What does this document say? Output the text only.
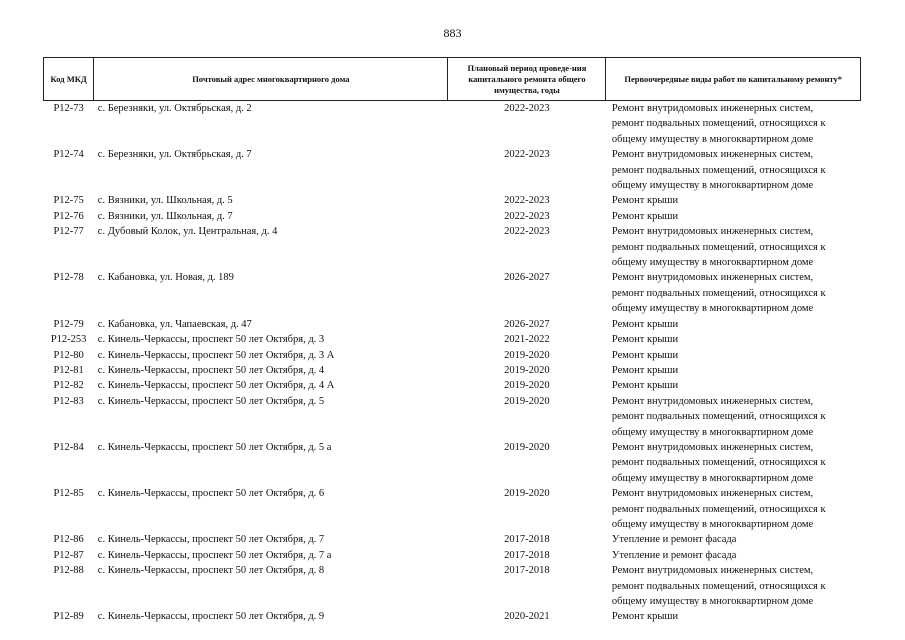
883
Код МКД	Почтовый адрес многоквартирного дома	Плановый период проведе-ния капитального ремонта общего имущества, годы	Первоочередные виды работ по капитальному ремонту*
Р12-73	с. Березняки, ул. Октябрьская, д. 2	2022-2023	Ремонт внутридомовых инженерных систем,
ремонт подвальных помещений, относящихся к
общему имуществу в многоквартирном доме

Р12-74	с. Березняки, ул. Октябрьская, д. 7	2022-2023	Ремонт внутридомовых инженерных систем,
ремонт подвальных помещений, относящихся к
общему имуществу в многоквартирном доме

Р12-75	с. Вязники, ул. Школьная, д. 5	2022-2023	Ремонт крыши

Р12-76	с. Вязники, ул. Школьная, д. 7	2022-2023	Ремонт крыши

Р12-77	с. Дубовый Колок, ул. Центральная, д. 4	2022-2023	Ремонт внутридомовых инженерных систем,
ремонт подвальных помещений, относящихся к
общему имуществу в многоквартирном доме

Р12-78	с. Кабановка, ул. Новая, д. 189	2026-2027	Ремонт внутридомовых инженерных систем,
ремонт подвальных помещений, относящихся к
общему имуществу в многоквартирном доме

Р12-79	с. Кабановка, ул. Чапаевская, д. 47	2026-2027	Ремонт крыши

Р12-253	с. Кинель-Черкассы, проспект 50 лет Октября, д. 3	2021-2022	Ремонт крыши

Р12-80	с. Кинель-Черкассы, проспект 50 лет Октября, д. 3 А	2019-2020	Ремонт крыши

Р12-81	с. Кинель-Черкассы, проспект 50 лет Октября, д. 4	2019-2020	Ремонт крыши

Р12-82	с. Кинель-Черкассы, проспект 50 лет Октября, д. 4 А	2019-2020	Ремонт крыши

Р12-83	с. Кинель-Черкассы, проспект 50 лет Октября, д. 5	2019-2020	Ремонт внутридомовых инженерных систем,
ремонт подвальных помещений, относящихся к
общему имуществу в многоквартирном доме

Р12-84	с. Кинель-Черкассы, проспект 50 лет Октября, д. 5 а	2019-2020	Ремонт внутридомовых инженерных систем,
ремонт подвальных помещений, относящихся к
общему имуществу в многоквартирном доме

Р12-85	с. Кинель-Черкассы, проспект 50 лет Октября, д. 6	2019-2020	Ремонт внутридомовых инженерных систем,
ремонт подвальных помещений, относящихся к
общему имуществу в многоквартирном доме

Р12-86	с. Кинель-Черкассы, проспект 50 лет Октября, д. 7	2017-2018	Утепление и ремонт фасада

Р12-87	с. Кинель-Черкассы, проспект 50 лет Октября, д. 7 а	2017-2018	Утепление и ремонт фасада

Р12-88	с. Кинель-Черкассы, проспект 50 лет Октября, д. 8	2017-2018	Ремонт внутридомовых инженерных систем,
ремонт подвальных помещений, относящихся к
общему имуществу в многоквартирном доме

Р12-89	с. Кинель-Черкассы, проспект 50 лет Октября, д. 9	2020-2021	Ремонт крыши
